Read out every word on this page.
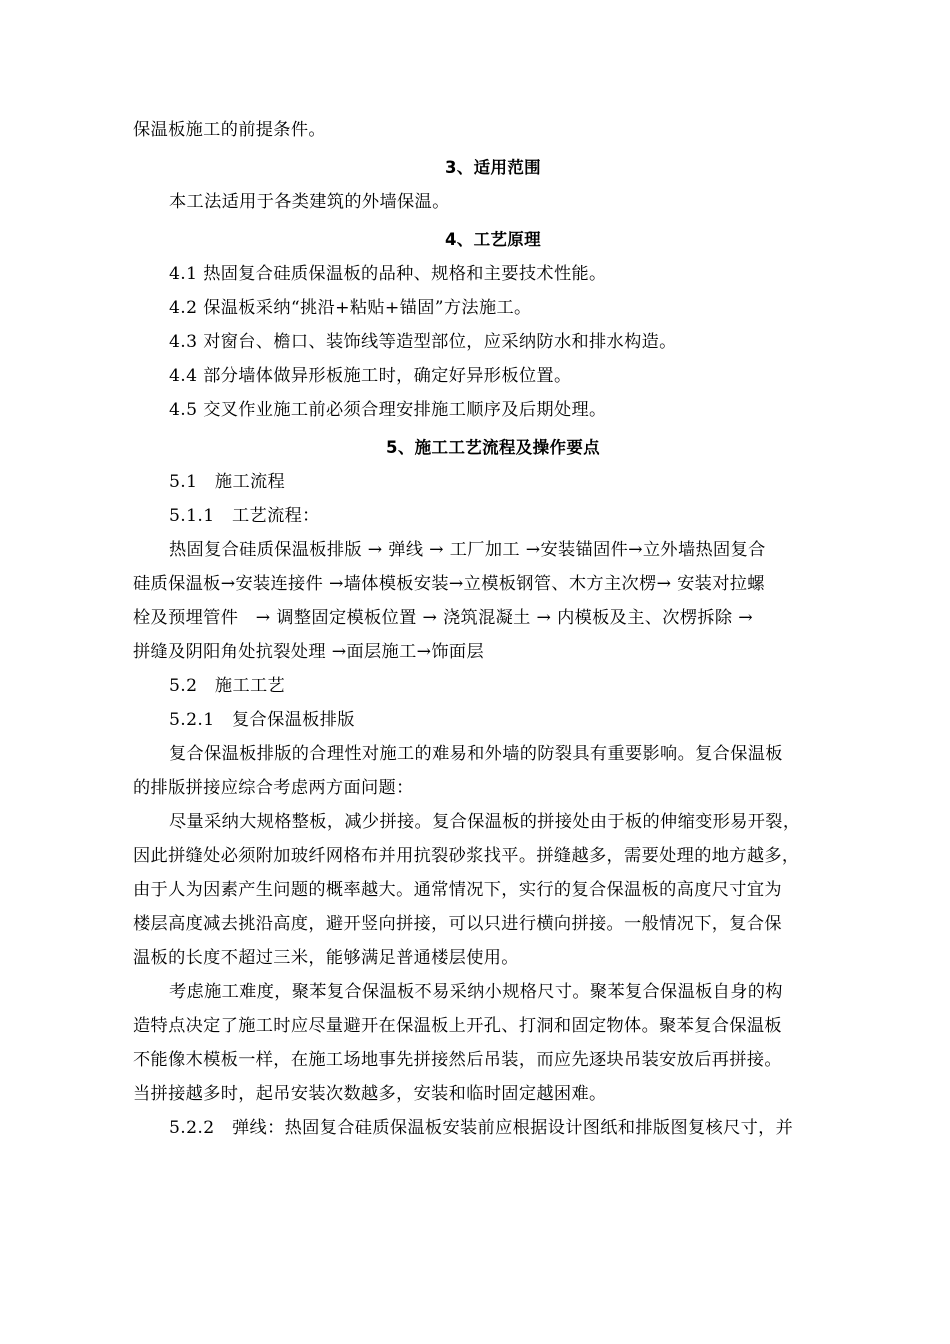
保温板施工的前提条件。

3、适用范围

本工法适用于各类建筑的外墙保温。

4、工艺原理

4.1 热固复合硅质保温板的品种、规格和主要技术性能。

4.2 保温板采纳“挑沿+粘贴+锚固”方法施工。

4.3 对窗台、檐口、装饰线等造型部位，应采纳防水和排水构造。

4.4 部分墙体做异形板施工时，确定好异形板位置。

4.5 交叉作业施工前必须合理安排施工顺序及后期处理。

5、施工工艺流程及操作要点

5.1　施工流程

5.1.1　工艺流程：

热固复合硅质保温板排版 → 弹线 → 工厂加工 →安装锚固件→立外墙热固复合

硅质保温板→安装连接件 →墙体模板安装→立模板钢管、木方主次楞→ 安装对拉螺

栓及预埋管件　→ 调整固定模板位置 → 浇筑混凝土 → 内模板及主、次楞拆除 →

拼缝及阴阳角处抗裂处理 →面层施工→饰面层

5.2　施工工艺

5.2.1　复合保温板排版

复合保温板排版的合理性对施工的难易和外墙的防裂具有重要影响。复合保温板

的排版拼接应综合考虑两方面问题：

尽量采纳大规格整板，减少拼接。复合保温板的拼接处由于板的伸缩变形易开裂，

因此拼缝处必须附加玻纤网格布并用抗裂砂浆找平。拼缝越多，需要处理的地方越多，

由于人为因素产生问题的概率越大。通常情况下，实行的复合保温板的高度尺寸宜为

楼层高度减去挑沿高度，避开竖向拼接，可以只进行横向拼接。一般情况下，复合保

温板的长度不超过三米，能够满足普通楼层使用。

考虑施工难度，聚苯复合保温板不易采纳小规格尺寸。聚苯复合保温板自身的构

造特点决定了施工时应尽量避开在保温板上开孔、打洞和固定物体。聚苯复合保温板

不能像木模板一样，在施工场地事先拼接然后吊装，而应先逐块吊装安放后再拼接。

当拼接越多时，起吊安装次数越多，安装和临时固定越困难。

5.2.2　弹线：热固复合硅质保温板安装前应根据设计图纸和排版图复核尺寸，并
